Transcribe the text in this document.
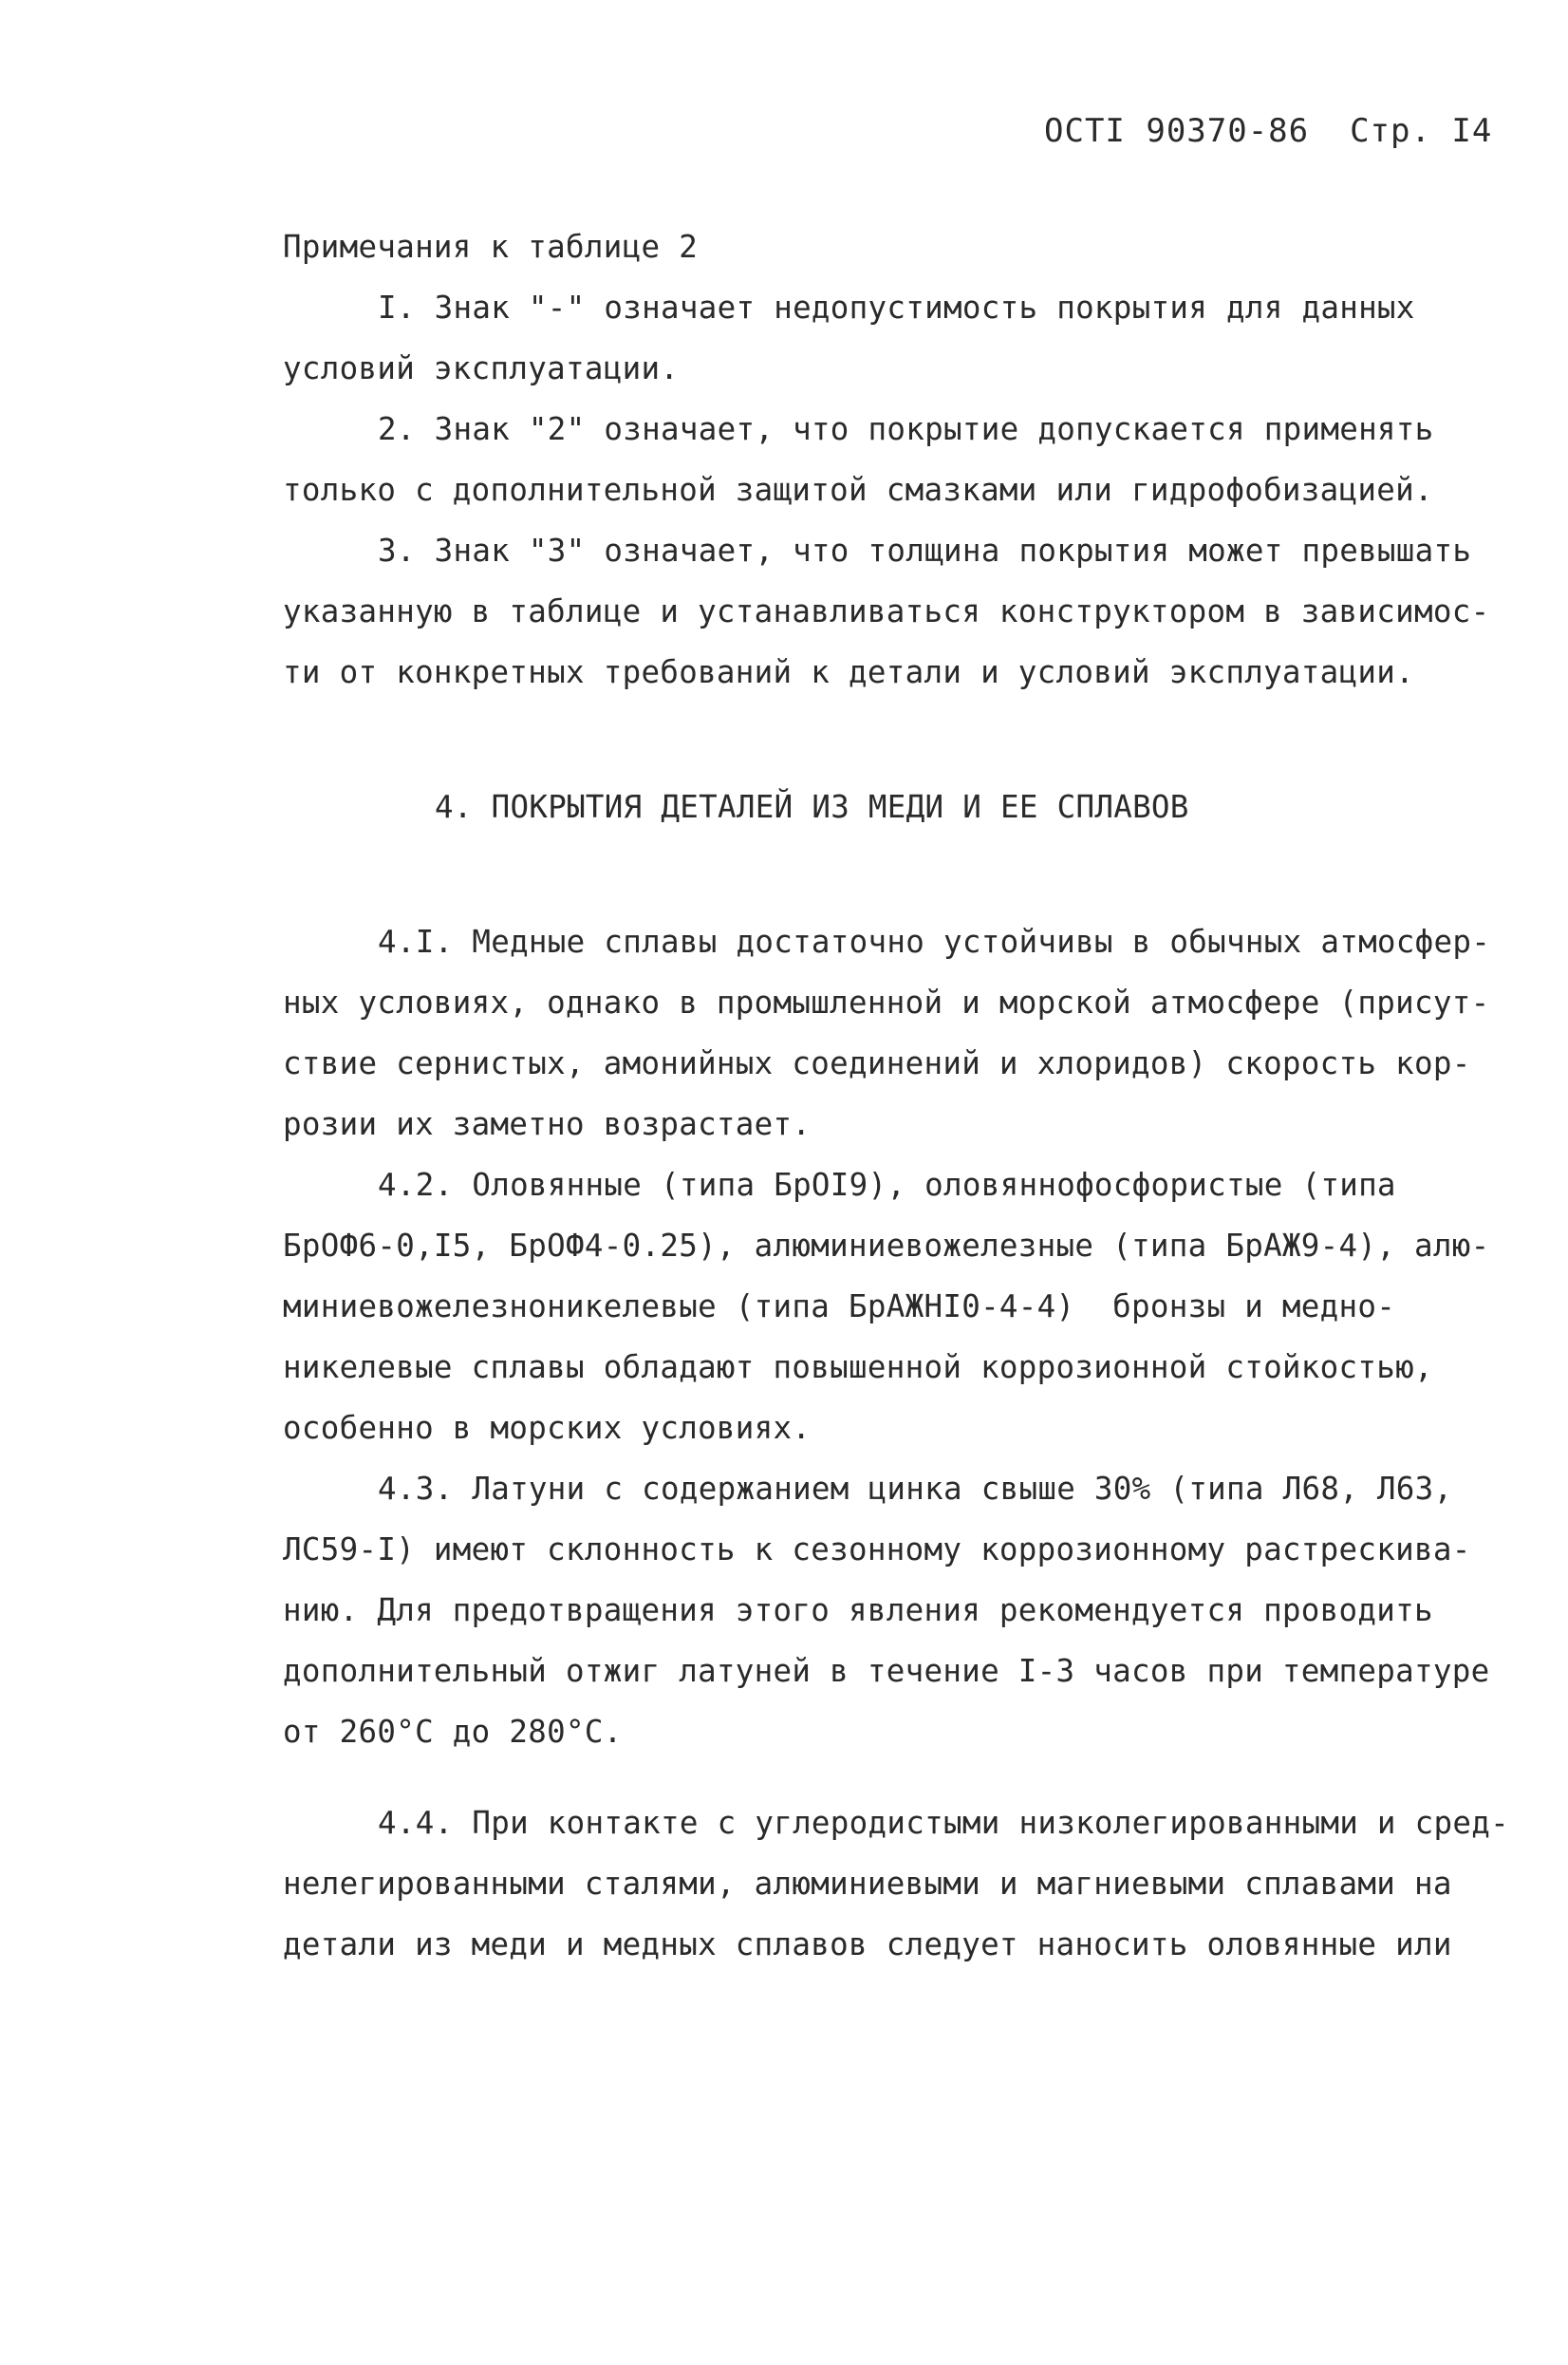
ОСТI 90370-86 Стр. I4
Примечания к таблице 2
I. Знак "-" означает недопустимость покрытия для данных
условий эксплуатации.
2. Знак "2" означает, что покрытие допускается применять
только с дополнительной защитой смазками или гидрофобизацией.
3. Знак "3" означает, что толщина покрытия может превышать
указанную в таблице и устанавливаться конструктором в зависимос-
ти от конкретных требований к детали и условий эксплуатации.
4. ПОКРЫТИЯ ДЕТАЛЕЙ ИЗ МЕДИ И ЕЕ СПЛАВОВ
4.I. Медные сплавы достаточно устойчивы в обычных атмосфер-
ных условиях, однако в промышленной и морской атмосфере (присут-
ствие сернистых, амонийных соединений и хлоридов) скорость кор-
розии их заметно возрастает.
4.2. Оловянные (типа БрОI9), оловяннофосфористые (типа
БрОФ6-0,I5, БрОФ4-0.25), алюминиевожелезные (типа БрАЖ9-4), алю-
миниевожелезноникелевые (типа БрАЖНI0-4-4)  бронзы и медно-
никелевые сплавы обладают повышенной коррозионной стойкостью,
особенно в морских условиях.
4.3. Латуни с содержанием цинка свыше 30% (типа Л68, Л63,
ЛС59-I) имеют склонность к сезонному коррозионному растрескива-
нию. Для предотвращения этого явления рекомендуется проводить
дополнительный отжиг латуней в течение I-3 часов при температуре
от 260°С до 280°С.
4.4. При контакте с углеродистыми низколегированными и сред-
нелегированными сталями, алюминиевыми и магниевыми сплавами на
детали из меди и медных сплавов следует наносить оловянные или
